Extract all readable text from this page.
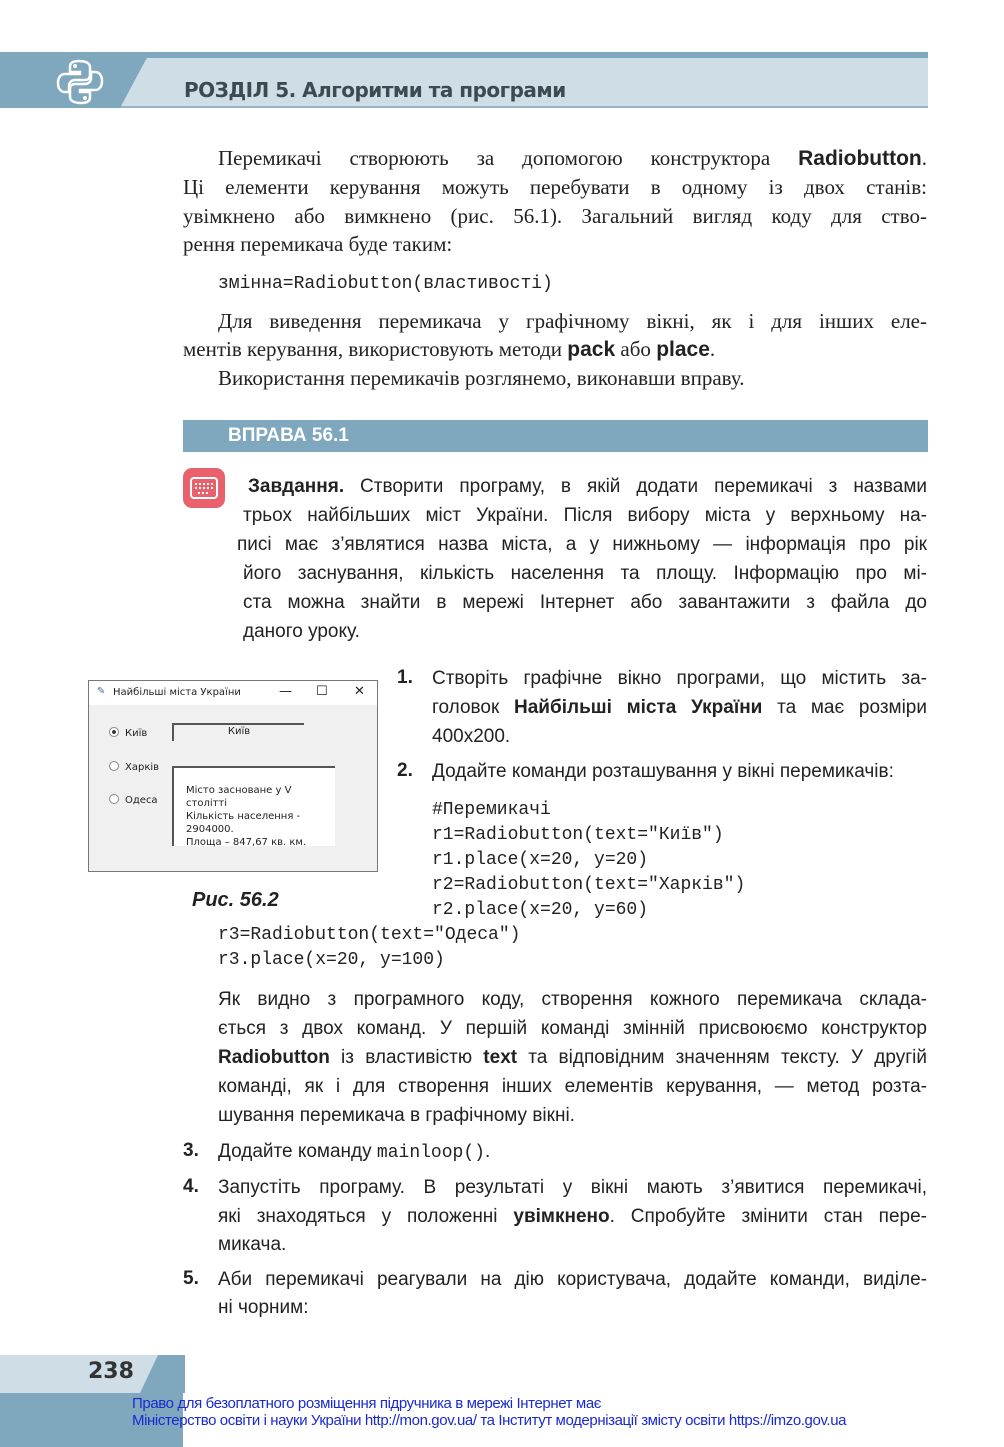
РОЗДІЛ 5. Алгоритми та програми
ВПРАВА 56.1
✎ Найбільші міста України	— ☐ ✕
Київ
Харків
Одеса
Київ
Місто засноване у V столітті
Кількість населення - 2904000.
Площа – 847,67 кв. км.
Рис. 56.2
1.
2.
3.
4.
5.
238
Право для безоплатного розміщення підручника в мережі Інтернет має
Міністерство освіти і науки України http://mon.gov.ua/ та Інститут модернізації змісту освіти https://imzo.gov.ua
Перемикачі створюють за допомогою конструктора Radiobutton.
Ці елементи керування можуть перебувати в одному із двох станів:
увімкнено або вимкнено (рис. 56.1). Загальний вигляд коду для ство-
рення перемикача буде таким:
змінна=Radiobutton(властивості)
Для виведення перемикача у графічному вікні, як і для інших еле-
ментів керування, використовують методи pack або place.
Використання перемикачів розглянемо, виконавши вправу.
Завдання. Створити програму, в якій додати перемикачі з назвами
трьох найбільших міст України. Після вибору міста у верхньому на-
писі має з’являтися назва міста, а у нижньому — інформація про рік
його заснування, кількість населення та площу. Інформацію про мі-
ста можна знайти в мережі Інтернет або завантажити з файла до
даного уроку.
Створіть графічне вікно програми, що містить за-
головок Найбільші міста України та має розміри
400x200.
Додайте команди розташування у вікні перемикачів:
#Перемикачі
r1=Radiobutton(text="Київ")
r1.place(x=20, y=20)
r2=Radiobutton(text="Харків")
r2.place(x=20, y=60)
r3=Radiobutton(text="Одеса")
r3.place(x=20, y=100)
Як видно з програмного коду, створення кожного перемикача склада-
ється з двох команд. У першій команді змінній присвоюємо конструктор
Radiobutton із властивістю text та відповідним значенням тексту. У другій
команді, як і для створення інших елементів керування, — метод розта-
шування перемикача в графічному вікні.
Додайте команду mainloop().
Запустіть програму. В результаті у вікні мають з’явитися перемикачі,
які знаходяться у положенні увімкнено. Спробуйте змінити стан пере-
микача.
Аби перемикачі реагували на дію користувача, додайте команди, виділе-
ні чорним:
